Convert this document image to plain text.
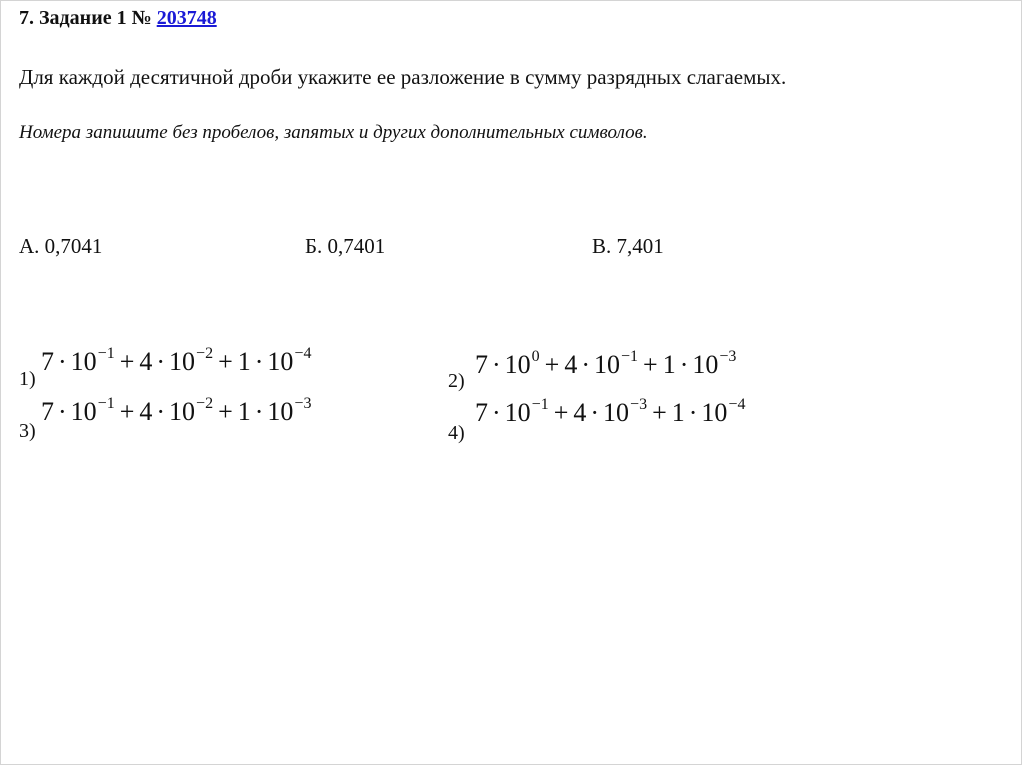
7. Задание 1 № 203748
Для каждой десятичной дроби укажите ее разложение в сумму разрядных слагаемых.
Номера запишите без пробелов, запятых и других дополнительных символов.
А. 0,7041	Б. 0,7401	В. 7,401
1)
$7 \cdot 10^{-1} + 4 \cdot 10^{-2} + 1 \cdot 10^{-4}$
2)
$7 \cdot 10^0 + 4 \cdot 10^{-1} + 1 \cdot 10^{-3}$
3)
$7 \cdot 10^{-1} + 4 \cdot 10^{-2} + 1 \cdot 10^{-3}$
4)
$7 \cdot 10^{-1} + 4 \cdot 10^{-3} + 1 \cdot 10^{-4}$
